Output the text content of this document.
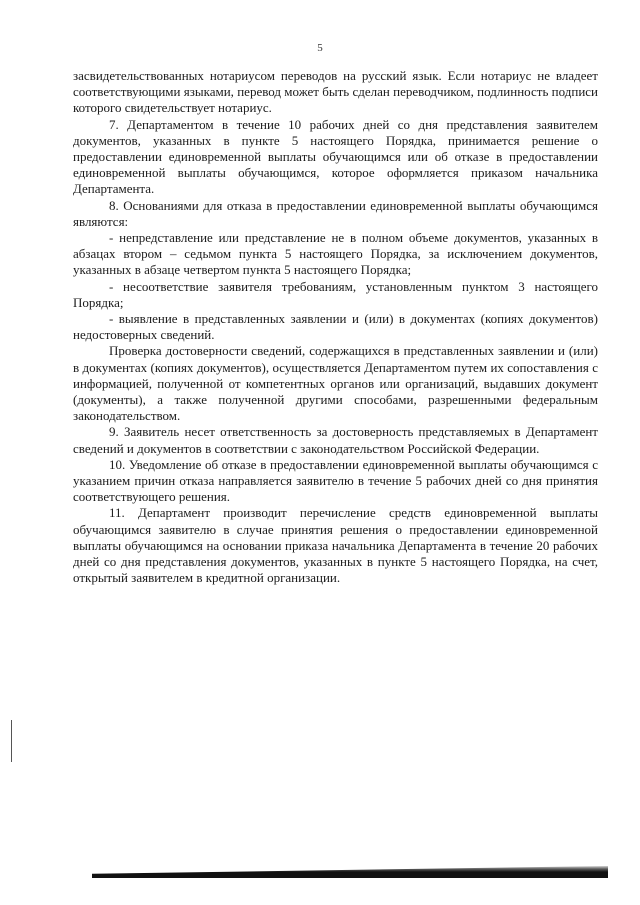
5

засвидетельствованных нотариусом переводов на русский язык. Если нотариус не владеет соответствующими языками, перевод может быть сделан переводчиком, подлинность подписи которого свидетельствует нотариус.

7. Департаментом в течение 10 рабочих дней со дня представления заявителем документов, указанных в пункте 5 настоящего Порядка, принимается решение о предоставлении единовременной выплаты обучающимся или об отказе в предоставлении единовременной выплаты обучающимся, которое оформляется приказом начальника Департамента.

8. Основаниями для отказа в предоставлении единовременной выплаты обучающимся являются:

- непредставление или представление не в полном объеме документов, указанных в абзацах втором – седьмом пункта 5 настоящего Порядка, за исключением документов, указанных в абзаце четвертом пункта 5 настоящего Порядка;

- несоответствие заявителя требованиям, установленным пунктом 3 настоящего Порядка;

- выявление в представленных заявлении и (или) в документах (копиях документов) недостоверных сведений.

Проверка достоверности сведений, содержащихся в представленных заявлении и (или) в документах (копиях документов), осуществляется Департаментом путем их сопоставления с информацией, полученной от компетентных органов или организаций, выдавших документ (документы), а также полученной другими способами, разрешенными федеральным законодательством.

9. Заявитель несет ответственность за достоверность представляемых в Департамент сведений и документов в соответствии с законодательством Российской Федерации.

10. Уведомление об отказе в предоставлении единовременной выплаты обучающимся с указанием причин отказа направляется заявителю в течение 5 рабочих дней со дня принятия соответствующего решения.

11. Департамент производит перечисление средств единовременной выплаты обучающимся заявителю в случае принятия решения о предоставлении единовременной выплаты обучающимся на основании приказа начальника Департамента в течение 20 рабочих дней со дня представления документов, указанных в пункте 5 настоящего Порядка, на счет, открытый заявителем в кредитной организации.
